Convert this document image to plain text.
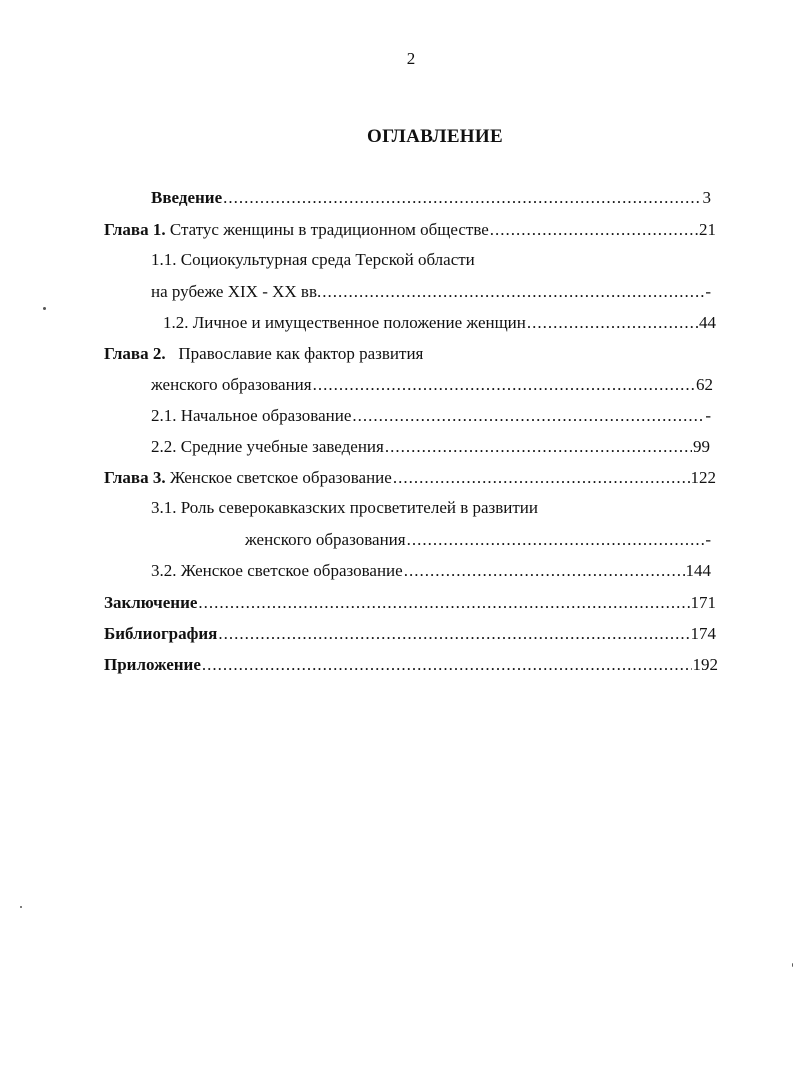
2
ОГЛАВЛЕНИЕ
Введение .....	3
Глава 1.
Статус женщины в традиционном обществе .....	21
1.1. Социокультурная среда Терской области
на рубеже XIX - XX вв. .....	-
1.2. Личное и имущественное положение женщин .....	44
Глава 2. Православие как фактор развития
женского образования .....	62
2.1. Начальное образование .....	-
2.2. Средние учебные заведения .....	99
Глава 3.
Женское светское образование .....	122
3.1. Роль северокавказских просветителей в развитии
женского образования .....	-
3.2. Женское светское образование .....	144
Заключение .....	171
Библиография .....	174
Приложение .....	192
